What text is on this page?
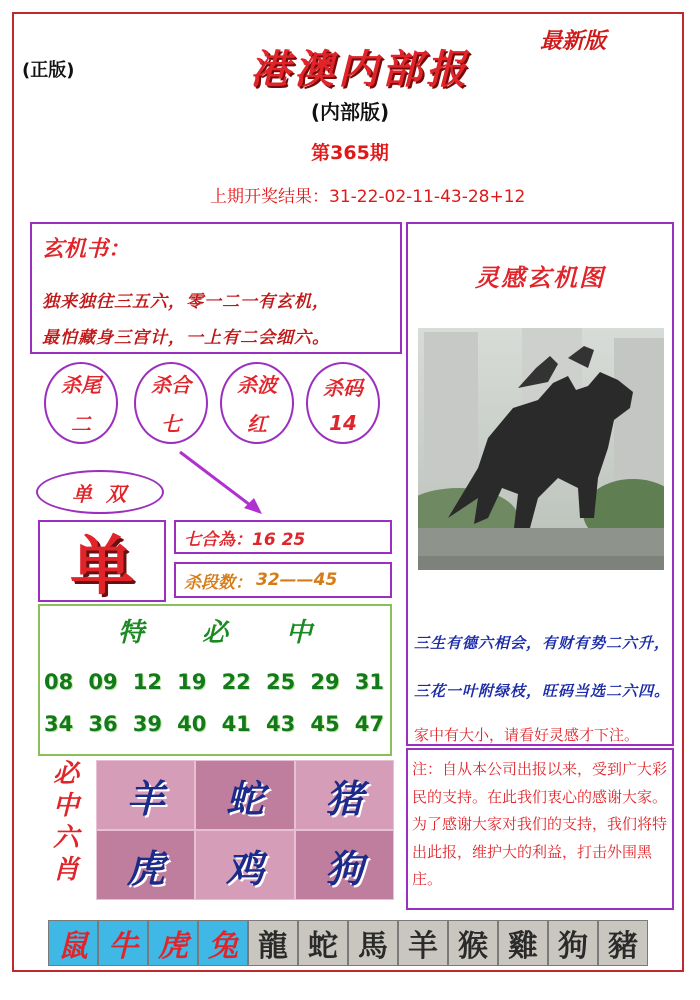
(正版)
最新版
港澳内部报
(内部版)
第365期
上期开奖结果：31-22-02-11-43-28+12
玄机书：
独来独往三五六，零一二一有玄机，
最怕藏身三宫计，一上有二会细六。
杀尾
二
杀合
七
杀波
红
杀码
14
单双
单	七合為：16 25
杀段数： 32——45
特 必 中
08 09 12 19 22 25 29 31
34 36 39 40 41 43 45 47
必中六肖
羊	蛇	猪
虎	鸡	狗
灵感玄机图
三生有德六相会，有财有势二六升，
三花一叶附绿枝，旺码当选二六四。
家中有大小，请看好灵感才下注。
注：自从本公司出报以来，受到广大彩民的支持。在此我们衷心的感谢大家。为了感谢大家对我们的支持，我们将特出此报，维护大的利益，打击外围黑庄。
鼠 牛 虎 兔 龍 蛇 馬 羊 猴 雞 狗 豬
